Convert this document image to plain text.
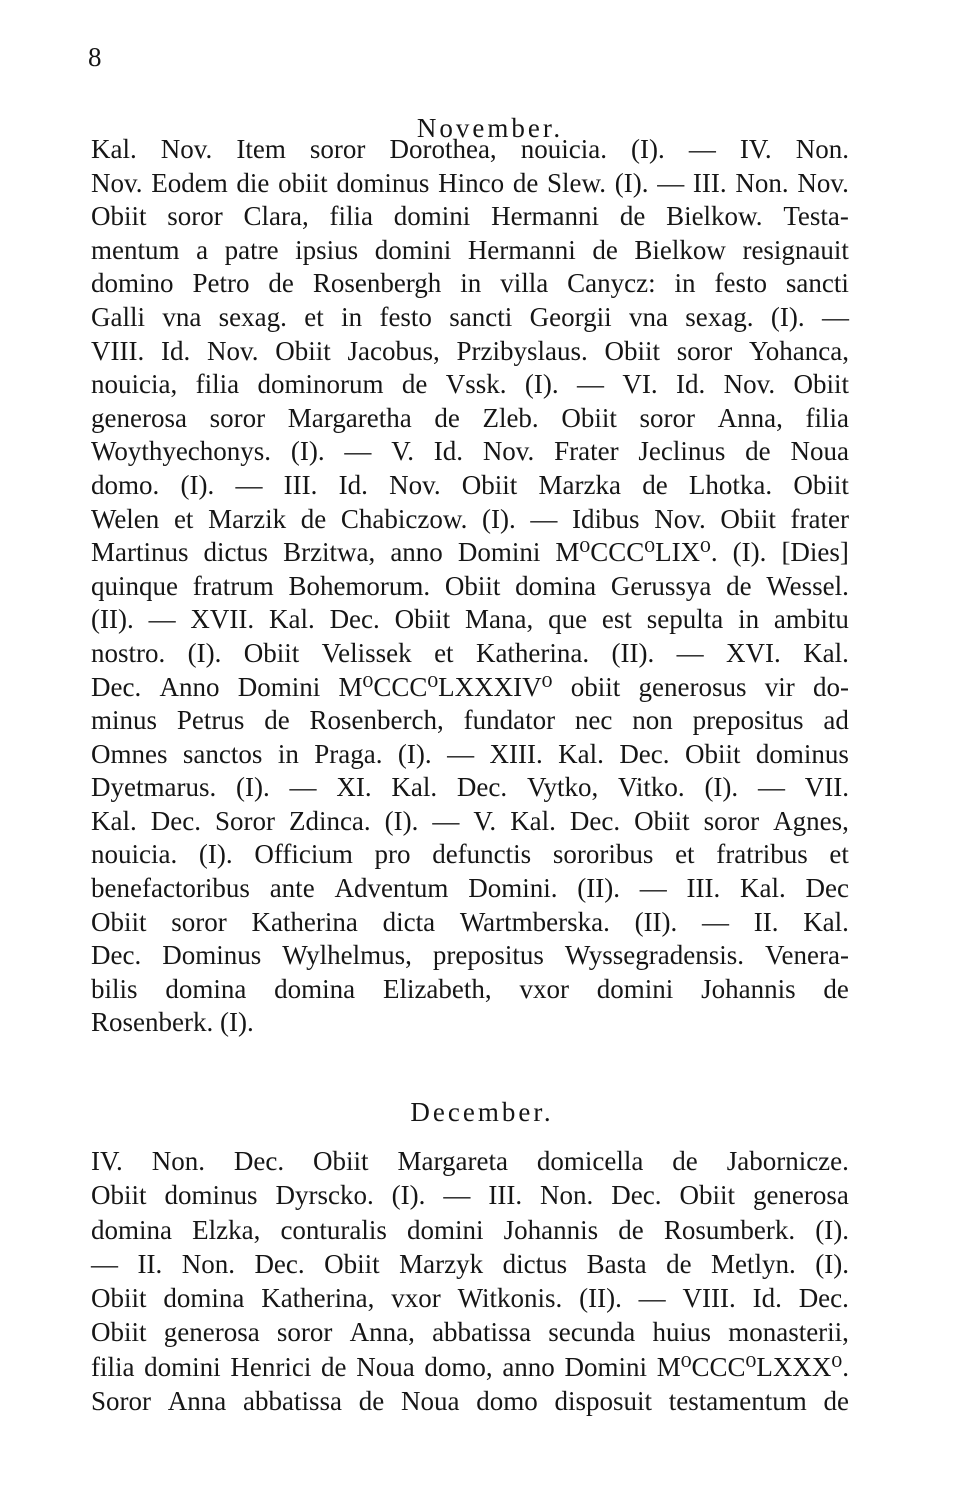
8
November.
Kal. Nov. Item soror Dorothea, nouicia. (I). — IV. Non.
Nov. Eodem die obiit dominus Hinco de Slew. (I). — III. Non. Nov.
Obiit soror Clara, filia domini Hermanni de Bielkow. Testa-
mentum a patre ipsius domini Hermanni de Bielkow resignauit
domino Petro de Rosenbergh in villa Canycz: in festo sancti
Galli vna sexag. et in festo sancti Georgii vna sexag. (I). —
VIII. Id. Nov. Obiit Jacobus, Przibyslaus. Obiit soror Yohanca,
nouicia, filia dominorum de Vssk. (I). — VI. Id. Nov. Obiit
generosa soror Margaretha de Zleb. Obiit soror Anna, filia
Woythyechonys. (I). — V. Id. Nov. Frater Jeclinus de Noua
domo. (I). — III. Id. Nov. Obiit Marzka de Lhotka. Obiit
Welen et Marzik de Chabiczow. (I). — Idibus Nov. Obiit frater
Martinus dictus Brzitwa, anno Domini M⁰CCC⁰LIX⁰. (I). [Dies]
quinque fratrum Bohemorum. Obiit domina Gerussya de Wessel.
(II). — XVII. Kal. Dec. Obiit Mana, que est sepulta in ambitu
nostro. (I). Obiit Velissek et Katherina. (II). — XVI. Kal.
Dec. Anno Domini M⁰CCC⁰LXXXIV⁰ obiit generosus vir do-
minus Petrus de Rosenberch, fundator nec non prepositus ad
Omnes sanctos in Praga. (I). — XIII. Kal. Dec. Obiit dominus
Dyetmarus. (I). — XI. Kal. Dec. Vytko, Vitko. (I). — VII.
Kal. Dec. Soror Zdinca. (I). — V. Kal. Dec. Obiit soror Agnes,
nouicia. (I). Officium pro defunctis sororibus et fratribus et
benefactoribus ante Adventum Domini. (II). — III. Kal. Dec
Obiit soror Katherina dicta Wartmberska. (II). — II. Kal.
Dec. Dominus Wylhelmus, prepositus Wyssegradensis. Venera-
bilis domina domina Elizabeth, vxor domini Johannis de
Rosenberk. (I).
December.
IV. Non. Dec. Obiit Margareta domicella de Jabornicze.
Obiit dominus Dyrscko. (I). — III. Non. Dec. Obiit generosa
domina Elzka, conturalis domini Johannis de Rosumberk. (I).
— II. Non. Dec. Obiit Marzyk dictus Basta de Metlyn. (I).
Obiit domina Katherina, vxor Witkonis. (II). — VIII. Id. Dec.
Obiit generosa soror Anna, abbatissa secunda huius monasterii,
filia domini Henrici de Noua domo, anno Domini M⁰CCC⁰LXXX⁰.
Soror Anna abbatissa de Noua domo disposuit testamentum de
